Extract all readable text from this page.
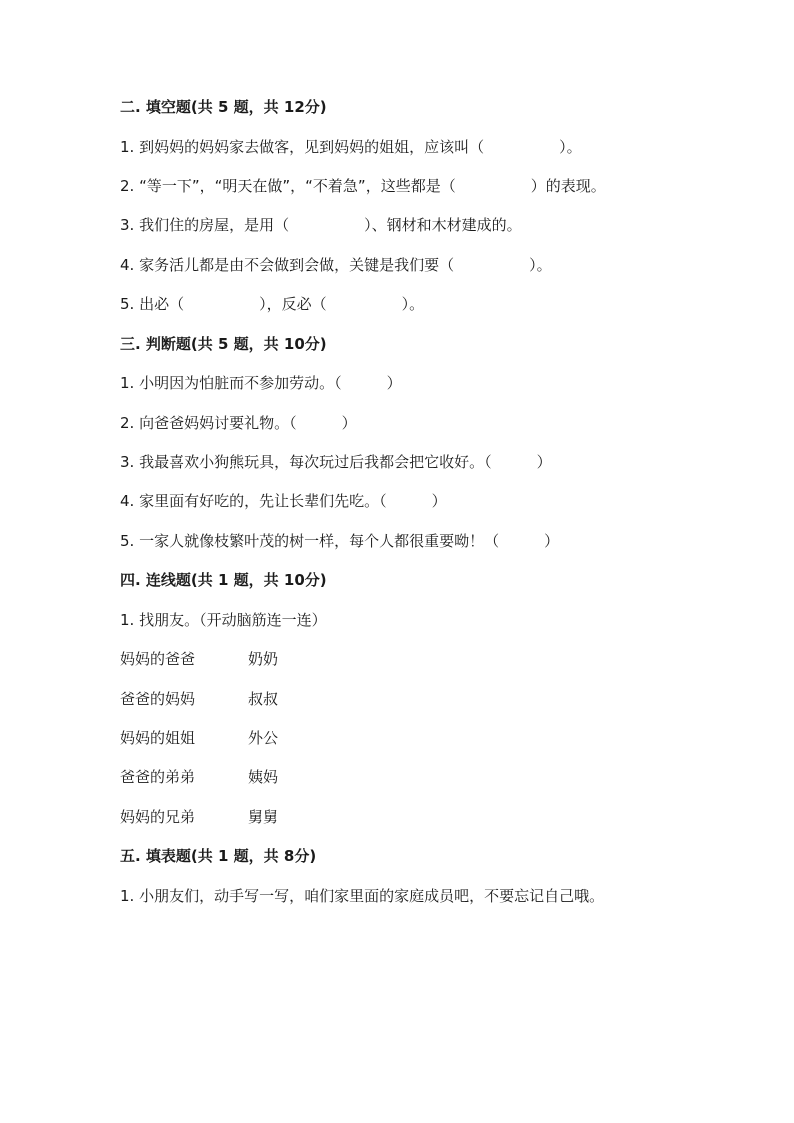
二. 填空题(共 5 题，共 12分)
1. 到妈妈的妈妈家去做客，见到妈妈的姐姐，应该叫（　　　　　）。
2. “等一下”，“明天在做”，“不着急”，这些都是（　　　　　）的表现。
3. 我们住的房屋，是用（　　　　　）、钢材和木材建成的。
4. 家务活儿都是由不会做到会做，关键是我们要（　　　　　）。
5. 出必（　　　　　），反必（　　　　　）。
三. 判断题(共 5 题，共 10分)
1. 小明因为怕脏而不参加劳动。（　　　）
2. 向爸爸妈妈讨要礼物。（　　　）
3. 我最喜欢小狗熊玩具，每次玩过后我都会把它收好。（　　　）
4. 家里面有好吃的，先让长辈们先吃。（　　　）
5. 一家人就像枝繁叶茂的树一样，每个人都很重要呦！（　　　）
四. 连线题(共 1 题，共 10分)
1. 找朋友。（开动脑筋连一连）
妈妈的爸爸	奶奶
爸爸的妈妈	叔叔
妈妈的姐姐	外公
爸爸的弟弟	姨妈
妈妈的兄弟	舅舅
五. 填表题(共 1 题，共 8分)
1. 小朋友们，动手写一写，咱们家里面的家庭成员吧，不要忘记自己哦。
